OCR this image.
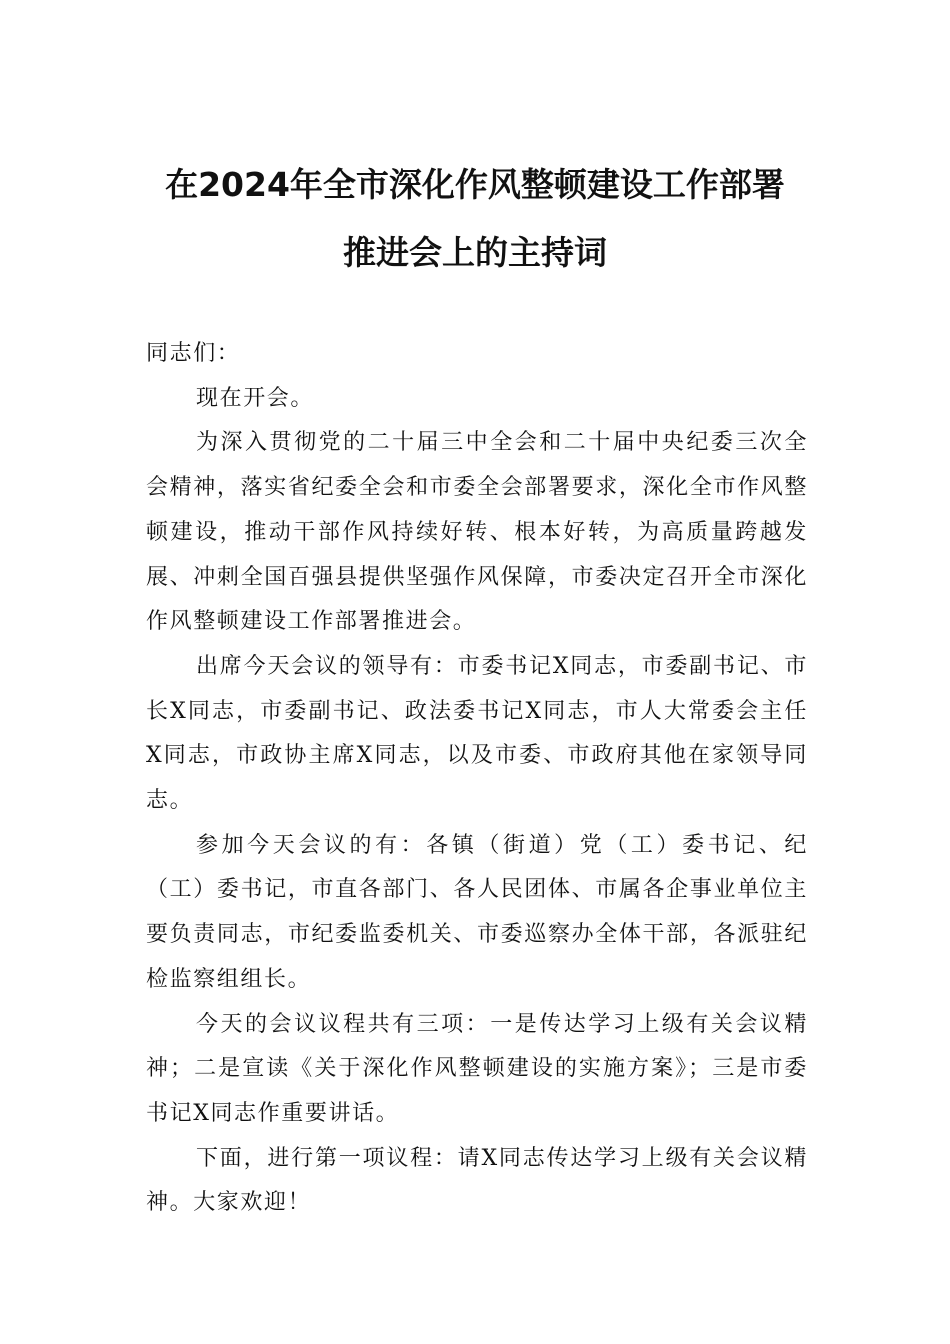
在2024年全市深化作风整顿建设工作部署
推进会上的主持词

同志们：

现在开会。

为深入贯彻党的二十届三中全会和二十届中央纪委三次全会精神，落实省纪委全会和市委全会部署要求，深化全市作风整顿建设，推动干部作风持续好转、根本好转，为高质量跨越发展、冲刺全国百强县提供坚强作风保障，市委决定召开全市深化作风整顿建设工作部署推进会。

出席今天会议的领导有：市委书记X同志，市委副书记、市长X同志，市委副书记、政法委书记X同志，市人大常委会主任X同志，市政协主席X同志，以及市委、市政府其他在家领导同志。

参加今天会议的有：各镇（街道）党（工）委书记、纪（工）委书记，市直各部门、各人民团体、市属各企事业单位主要负责同志，市纪委监委机关、市委巡察办全体干部，各派驻纪检监察组组长。

今天的会议议程共有三项：一是传达学习上级有关会议精神；二是宣读《关于深化作风整顿建设的实施方案》；三是市委书记X同志作重要讲话。

下面，进行第一项议程：请X同志传达学习上级有关会议精神。大家欢迎！
